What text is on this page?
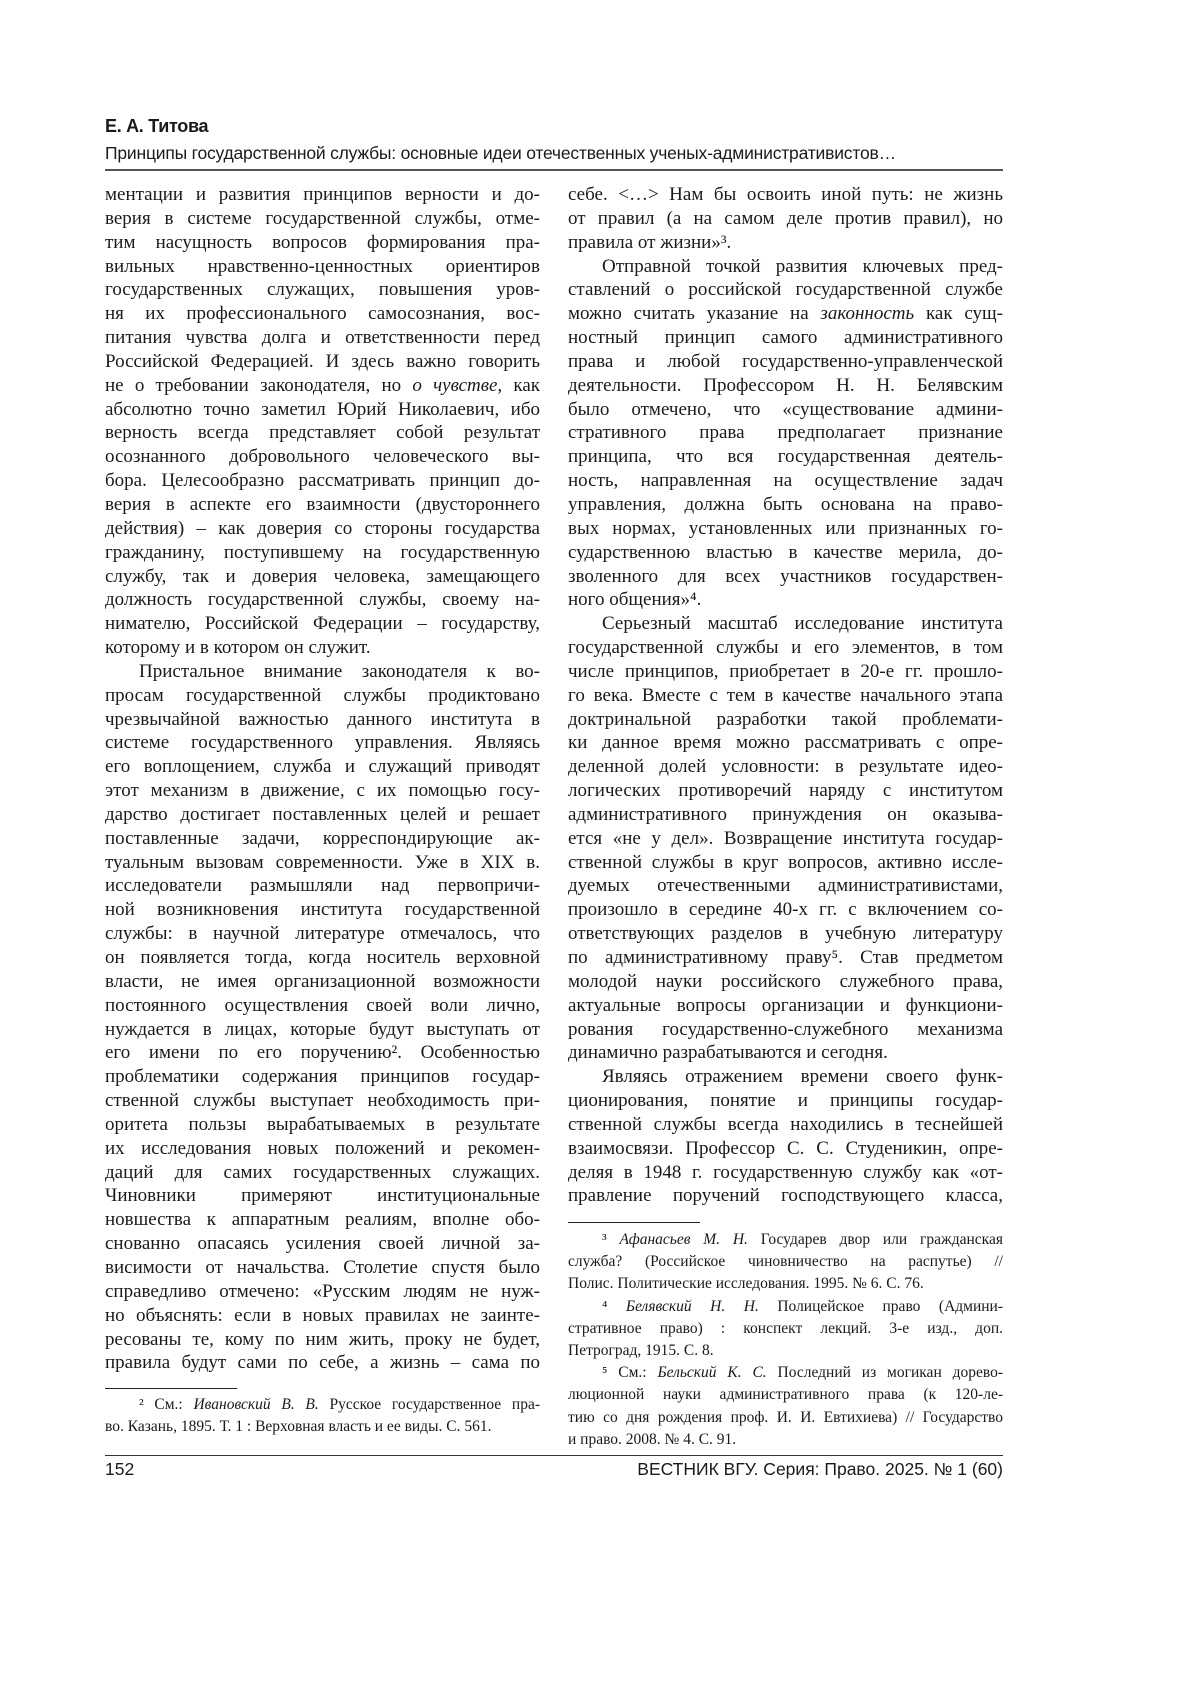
Е. А. Титова
Принципы государственной службы: основные идеи отечественных ученых-административистов…
ментации и развития принципов верности и до-
верия в системе государственной службы, отме-
тим насущность вопросов формирования пра-
вильных нравственно-ценностных ориентиров
государственных служащих, повышения уров-
ня их профессионального самосознания, вос-
питания чувства долга и ответственности перед
Российской Федерацией. И здесь важно говорить
не о требовании законодателя, но о чувстве, как
абсолютно точно заметил Юрий Николаевич, ибо
верность всегда представляет собой результат
осознанного добровольного человеческого вы-
бора. Целесообразно рассматривать принцип до-
верия в аспекте его взаимности (двустороннего
действия) – как доверия со стороны государства
гражданину, поступившему на государственную
службу, так и доверия человека, замещающего
должность государственной службы, своему на-
нимателю, Российской Федерации – государству,
которому и в котором он служит.
Пристальное внимание законодателя к во-
просам государственной службы продиктовано
чрезвычайной важностью данного института в
системе государственного управления. Являясь
его воплощением, служба и служащий приводят
этот механизм в движение, с их помощью госу-
дарство достигает поставленных целей и решает
поставленные задачи, корреспондирующие ак-
туальным вызовам современности. Уже в XIX в.
исследователи размышляли над первопричи-
ной возникновения института государственной
службы: в научной литературе отмечалось, что
он появляется тогда, когда носитель верховной
власти, не имея организационной возможности
постоянного осуществления своей воли лично,
нуждается в лицах, которые будут выступать от
его имени по его поручению². Особенностью
проблематики содержания принципов государ-
ственной службы выступает необходимость при-
оритета пользы вырабатываемых в результате
их исследования новых положений и рекомен-
даций для самих государственных служащих.
Чиновники примеряют институциональные
новшества к аппаратным реалиям, вполне обо-
снованно опасаясь усиления своей личной за-
висимости от начальства. Столетие спустя было
справедливо отмечено: «Русским людям не нуж-
но объяснять: если в новых правилах не заинте-
ресованы те, кому по ним жить, проку не будет,
правила будут сами по себе, а жизнь – сама по
себе. <…> Нам бы освоить иной путь: не жизнь
от правил (а на самом деле против правил), но
правила от жизни»³.
Отправной точкой развития ключевых пред-
ставлений о российской государственной службе
можно считать указание на законность как сущ-
ностный принцип самого административного
права и любой государственно-управленческой
деятельности. Профессором Н. Н. Белявским
было отмечено, что «существование админи-
стративного права предполагает признание
принципа, что вся государственная деятель-
ность, направленная на осуществление задач
управления, должна быть основана на право-
вых нормах, установленных или признанных го-
сударственною властью в качестве мерила, до-
зволенного для всех участников государствен-
ного общения»⁴.
Серьезный масштаб исследование института
государственной службы и его элементов, в том
числе принципов, приобретает в 20-е гг. прошло-
го века. Вместе с тем в качестве начального этапа
доктринальной разработки такой проблемати-
ки данное время можно рассматривать с опре-
деленной долей условности: в результате идео-
логических противоречий наряду с институтом
административного принуждения он оказыва-
ется «не у дел». Возвращение института государ-
ственной службы в круг вопросов, активно иссле-
дуемых отечественными административистами,
произошло в середине 40-х гг. с включением со-
ответствующих разделов в учебную литературу
по административному праву⁵. Став предметом
молодой науки российского служебного права,
актуальные вопросы организации и функциони-
рования государственно-служебного механизма
динамично разрабатываются и сегодня.
Являясь отражением времени своего функ-
ционирования, понятие и принципы государ-
ственной службы всегда находились в теснейшей
взаимосвязи. Профессор С. С. Студеникин, опре-
деляя в 1948 г. государственную службу как «от-
правление поручений господствующего класса,
² См.: Ивановский В. В. Русское государственное пра-
во. Казань, 1895. Т. 1 : Верховная власть и ее виды. С. 561.
³ Афанасьев М. Н. Государев двор или гражданская
служба? (Российское чиновничество на распутье) //
Полис. Политические исследования. 1995. № 6. С. 76.
⁴ Белявский Н. Н. Полицейское право (Админи-
стративное право) : конспект лекций. 3-е изд., доп.
Петроград, 1915. С. 8.
⁵ См.: Бельский К. С. Последний из могикан дорево-
люционной науки административного права (к 120-ле-
тию со дня рождения проф. И. И. Евтихиева) // Государство
и право. 2008. № 4. С. 91.
152	ВЕСТНИК ВГУ. Серия: Право. 2025. № 1 (60)
